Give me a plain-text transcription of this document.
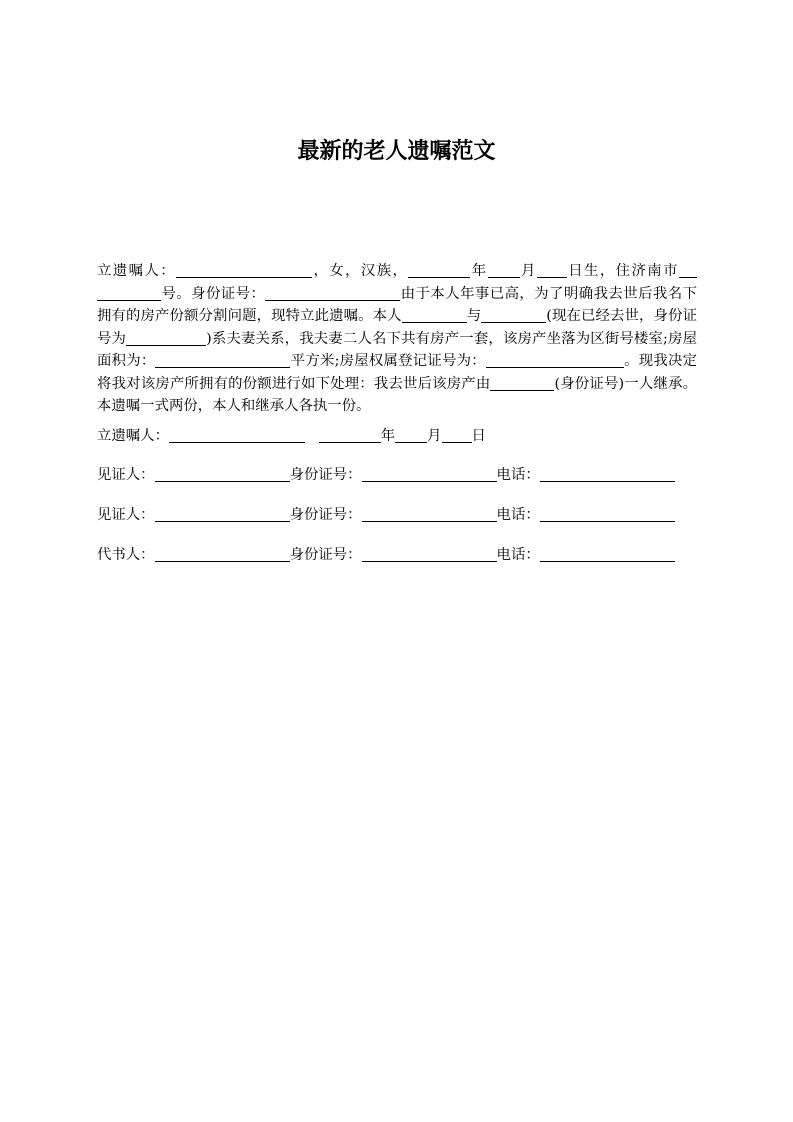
最新的老人遗嘱范文

立遗嘱人：	，女，汉族，	年 月 日生，住济南市号。身份证号：	由于本人年事已高，为了明确我去世后我名下拥有的房产份额分割问题，现特立此遗嘱。本人	与	(现在已经去世，身份证号为	)系夫妻关系，我夫妻二人名下共有房产一套，该房产坐落为区街号楼室;房屋面积为：	平方米;房屋权属登记证号为：	。现我决定将我对该房产所拥有的份额进行如下处理：我去世后该房产由	(身份证号)一人继承。本遗嘱一式两份，本人和继承人各执一份。

立遗嘱人：	年 月 日
见证人：	身份证号：	电话：
见证人：	身份证号：	电话：
代书人：	身份证号：	电话：
